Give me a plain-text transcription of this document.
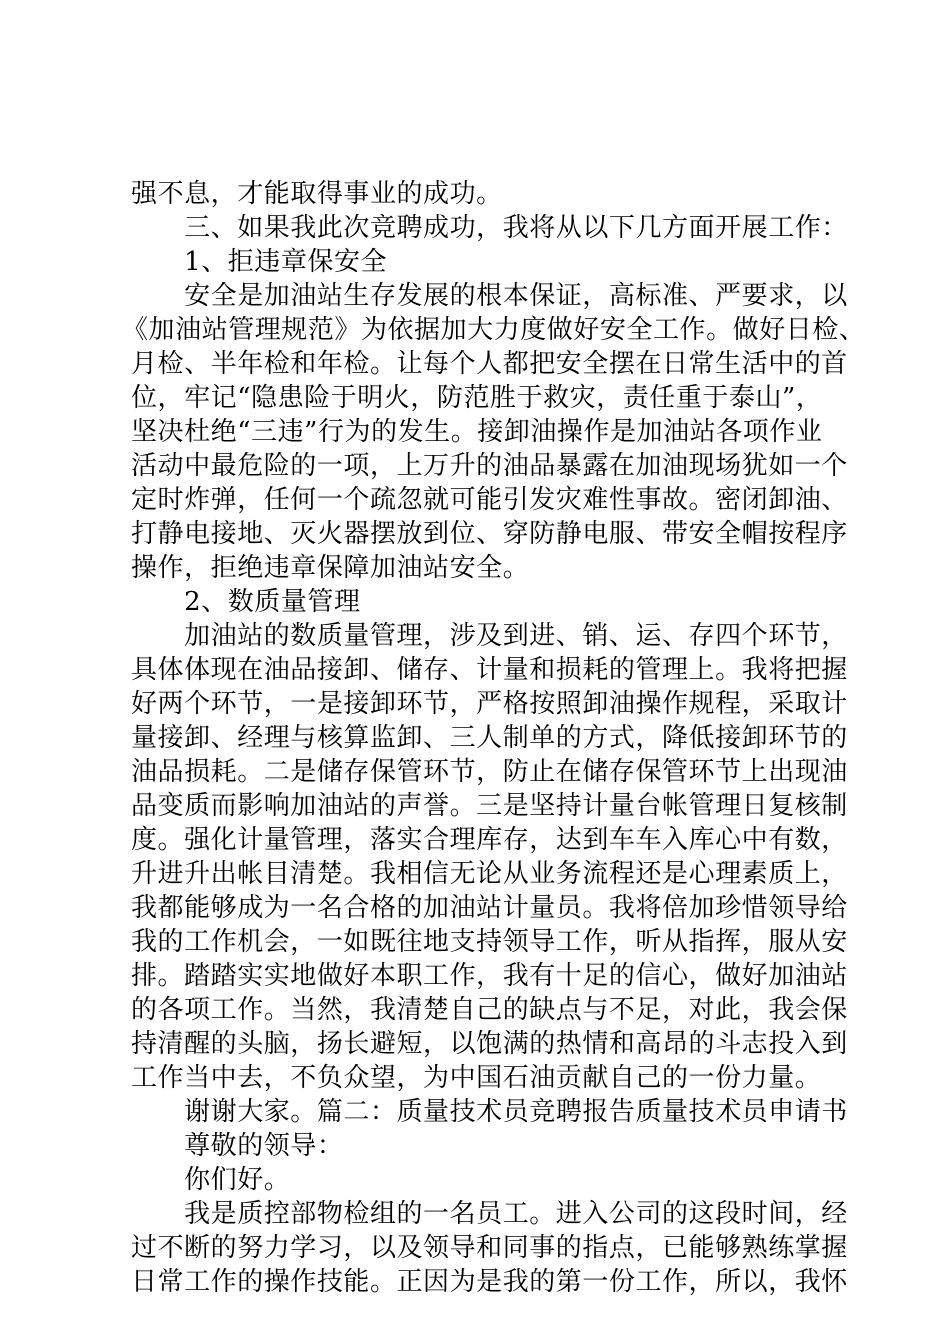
强不息，才能取得事业的成功。
　　三、如果我此次竞聘成功，我将从以下几方面开展工作：
　　1、拒违章保安全
　　安全是加油站生存发展的根本保证，高标准、严要求，以
《加油站管理规范》为依据加大力度做好安全工作。做好日检、
月检、半年检和年检。让每个人都把安全摆在日常生活中的首
位，牢记“隐患险于明火，防范胜于救灾，责任重于泰山”，
坚决杜绝“三违”行为的发生。接卸油操作是加油站各项作业
活动中最危险的一项，上万升的油品暴露在加油现场犹如一个
定时炸弹，任何一个疏忽就可能引发灾难性事故。密闭卸油、
打静电接地、灭火器摆放到位、穿防静电服、带安全帽按程序
操作，拒绝违章保障加油站安全。
　　2、数质量管理
　　加油站的数质量管理，涉及到进、销、运、存四个环节，
具体体现在油品接卸、储存、计量和损耗的管理上。我将把握
好两个环节，一是接卸环节，严格按照卸油操作规程，采取计
量接卸、经理与核算监卸、三人制单的方式，降低接卸环节的
油品损耗。二是储存保管环节，防止在储存保管环节上出现油
品变质而影响加油站的声誉。三是坚持计量台帐管理日复核制
度。强化计量管理，落实合理库存，达到车车入库心中有数，
升进升出帐目清楚。我相信无论从业务流程还是心理素质上，
我都能够成为一名合格的加油站计量员。我将倍加珍惜领导给
我的工作机会，一如既往地支持领导工作，听从指挥，服从安
排。踏踏实实地做好本职工作，我有十足的信心，做好加油站
的各项工作。当然，我清楚自己的缺点与不足，对此，我会保
持清醒的头脑，扬长避短，以饱满的热情和高昂的斗志投入到
工作当中去，不负众望，为中国石油贡献自己的一份力量。
　　谢谢大家。篇二：质量技术员竞聘报告质量技术员申请书
　　尊敬的领导：
　　你们好。
　　我是质控部物检组的一名员工。进入公司的这段时间，经
过不断的努力学习，以及领导和同事的指点，已能够熟练掌握
日常工作的操作技能。正因为是我的第一份工作，所以，我怀
